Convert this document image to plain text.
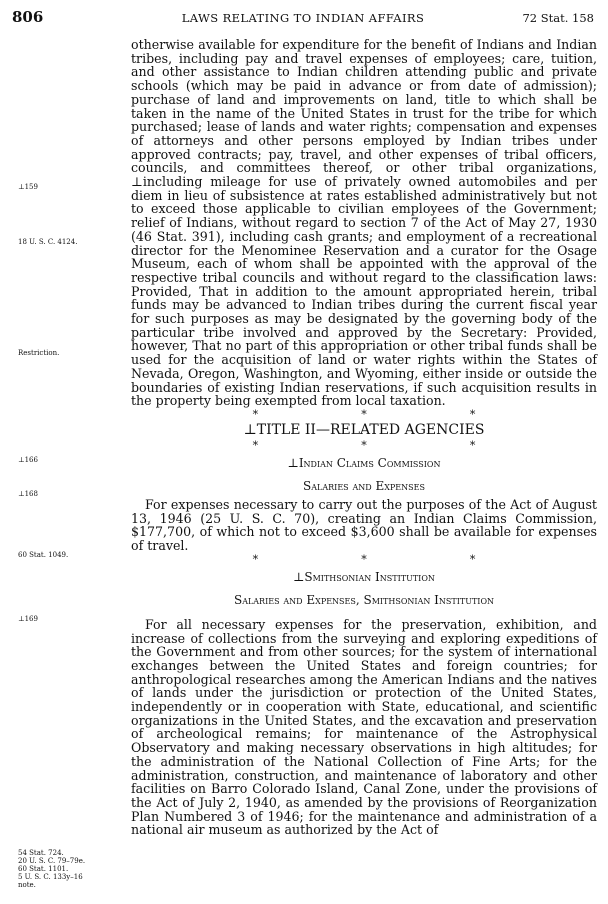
806	LAWS RELATING TO INDIAN AFFAIRS	72 Stat. 158
⊥159
18 U. S. C. 4124.
Restriction.
⊥166
⊥168
60 Stat. 1049.
⊥169
54 Stat. 724.
20 U. S. C. 79–79e.
60 Stat. 1101.
5 U. S. C. 133y–16
note.

otherwise available for expenditure for the benefit of Indians and Indian tribes, including pay and travel expenses of employees; care, tuition, and other assistance to Indian children attending public and private schools (which may be paid in advance or from date of admission); purchase of land and improvements on land, title to which shall be taken in the name of the United States in trust for the tribe for which purchased; lease of lands and water rights; compensation and expenses of attorneys and other persons employed by Indian tribes under approved contracts; pay, travel, and other expenses of tribal officers, councils, and committees thereof, or other tribal organizations, ⊥including mileage for use of privately owned automobiles and per diem in lieu of subsistence at rates established administratively but not to exceed those applicable to civilian employees of the Government; relief of Indians, without regard to section 7 of the Act of May 27, 1930 (46 Stat. 391), including cash grants; and employment of a recreational director for the Menominee Reservation and a curator for the Osage Museum, each of whom shall be appointed with the approval of the respective tribal councils and without regard to the classification laws: Provided, That in addition to the amount appropriated herein, tribal funds may be advanced to Indian tribes during the current fiscal year for such purposes as may be designated by the governing body of the particular tribe involved and approved by the Secretary: Provided, however, That no part of this appropriation or other tribal funds shall be used for the acquisition of land or water rights within the States of Nevada, Oregon, Washington, and Wyoming, either inside or outside the boundaries of existing Indian reservations, if such acquisition results in the property being exempted from local taxation.

*	*	*
⊥TITLE II—RELATED AGENCIES
*	*	*
⊥Indian Claims Commission
Salaries and Expenses

For expenses necessary to carry out the purposes of the Act of August 13, 1946 (25 U. S. C. 70), creating an Indian Claims Commission, $177,700, of which not to exceed $3,600 shall be available for expenses of travel.

*	*	*
⊥Smithsonian Institution
Salaries and Expenses, Smithsonian Institution

For all necessary expenses for the preservation, exhibition, and increase of collections from the surveying and exploring expeditions of the Government and from other sources; for the system of international exchanges between the United States and foreign countries; for anthropological researches among the American Indians and the natives of lands under the jurisdiction or protection of the United States, independently or in cooperation with State, educational, and scientific organizations in the United States, and the excavation and preservation of archeological remains; for maintenance of the Astrophysical Observatory and making necessary observations in high altitudes; for the administration of the National Collection of Fine Arts; for the administration, construction, and maintenance of laboratory and other facilities on Barro Colorado Island, Canal Zone, under the provisions of the Act of July 2, 1940, as amended by the provisions of Reorganization Plan Numbered 3 of 1946; for the maintenance and administration of a national air museum as authorized by the Act of
